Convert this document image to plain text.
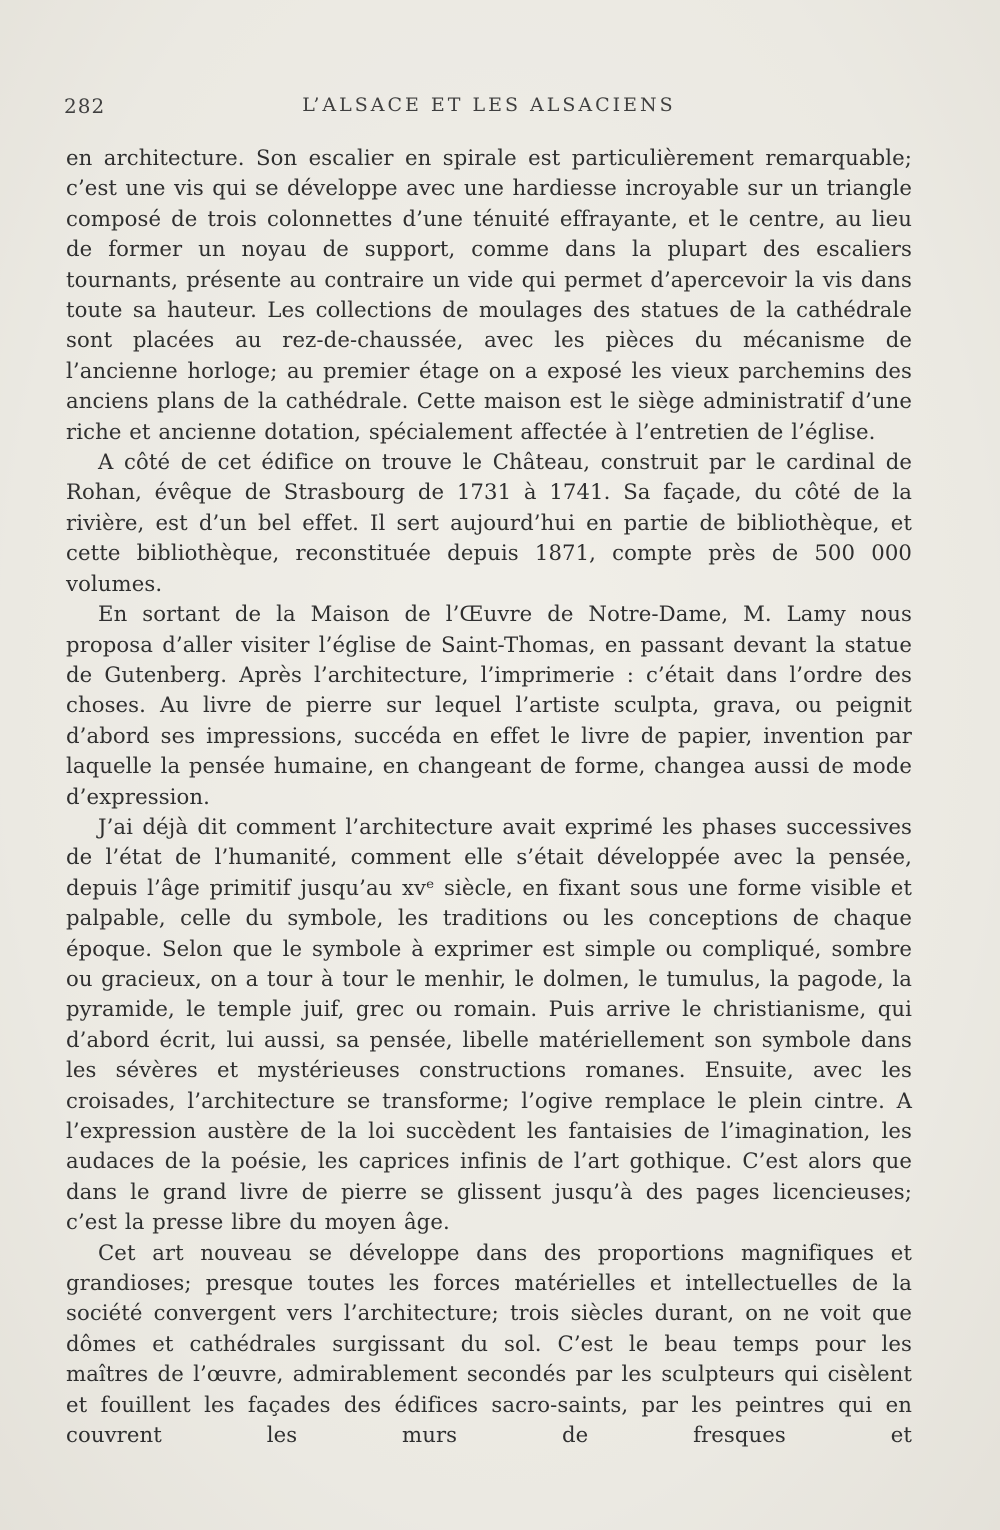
282	L’ALSACE ET LES ALSACIENS

en architecture. Son escalier en spirale est particulièrement remarquable; c’est une vis qui se développe avec une hardiesse incroyable sur un triangle composé de trois colonnettes d’une ténuité effrayante, et le centre, au lieu de former un noyau de support, comme dans la plupart des escaliers tournants, présente au contraire un vide qui permet d’apercevoir la vis dans toute sa hauteur. Les collections de moulages des statues de la cathédrale sont placées au rez-de-chaussée, avec les pièces du mécanisme de l’ancienne horloge; au premier étage on a exposé les vieux parchemins des anciens plans de la cathédrale. Cette maison est le siège administratif d’une riche et ancienne dotation, spécialement affectée à l’entretien de l’église.

A côté de cet édifice on trouve le Château, construit par le cardinal de Rohan, évêque de Strasbourg de 1731 à 1741. Sa façade, du côté de la rivière, est d’un bel effet. Il sert aujourd’hui en partie de bibliothèque, et cette bibliothèque, reconstituée depuis 1871, compte près de 500 000 volumes.

En sortant de la Maison de l’Œuvre de Notre-Dame, M. Lamy nous proposa d’aller visiter l’église de Saint-Thomas, en passant devant la statue de Gutenberg. Après l’architecture, l’imprimerie : c’était dans l’ordre des choses. Au livre de pierre sur lequel l’artiste sculpta, grava, ou peignit d’abord ses impressions, succéda en effet le livre de papier, invention par laquelle la pensée humaine, en changeant de forme, changea aussi de mode d’expression.

J’ai déjà dit comment l’architecture avait exprimé les phases successives de l’état de l’humanité, comment elle s’était développée avec la pensée, depuis l’âge primitif jusqu’au xvᵉ siècle, en fixant sous une forme visible et palpable, celle du symbole, les traditions ou les conceptions de chaque époque. Selon que le symbole à exprimer est simple ou compliqué, sombre ou gracieux, on a tour à tour le menhir, le dolmen, le tumulus, la pagode, la pyramide, le temple juif, grec ou romain. Puis arrive le christianisme, qui d’abord écrit, lui aussi, sa pensée, libelle matériellement son symbole dans les sévères et mystérieuses constructions romanes. Ensuite, avec les croisades, l’architecture se transforme; l’ogive remplace le plein cintre. A l’expression austère de la loi succèdent les fantaisies de l’imagination, les audaces de la poésie, les caprices infinis de l’art gothique. C’est alors que dans le grand livre de pierre se glissent jusqu’à des pages licencieuses; c’est la presse libre du moyen âge.

Cet art nouveau se développe dans des proportions magnifiques et grandioses; presque toutes les forces matérielles et intellectuelles de la société convergent vers l’architecture; trois siècles durant, on ne voit que dômes et cathédrales surgissant du sol. C’est le beau temps pour les maîtres de l’œuvre, admirablement secondés par les sculpteurs qui cisèlent et fouillent les façades des édifices sacro-saints, par les peintres qui en couvrent les murs de fresques et
